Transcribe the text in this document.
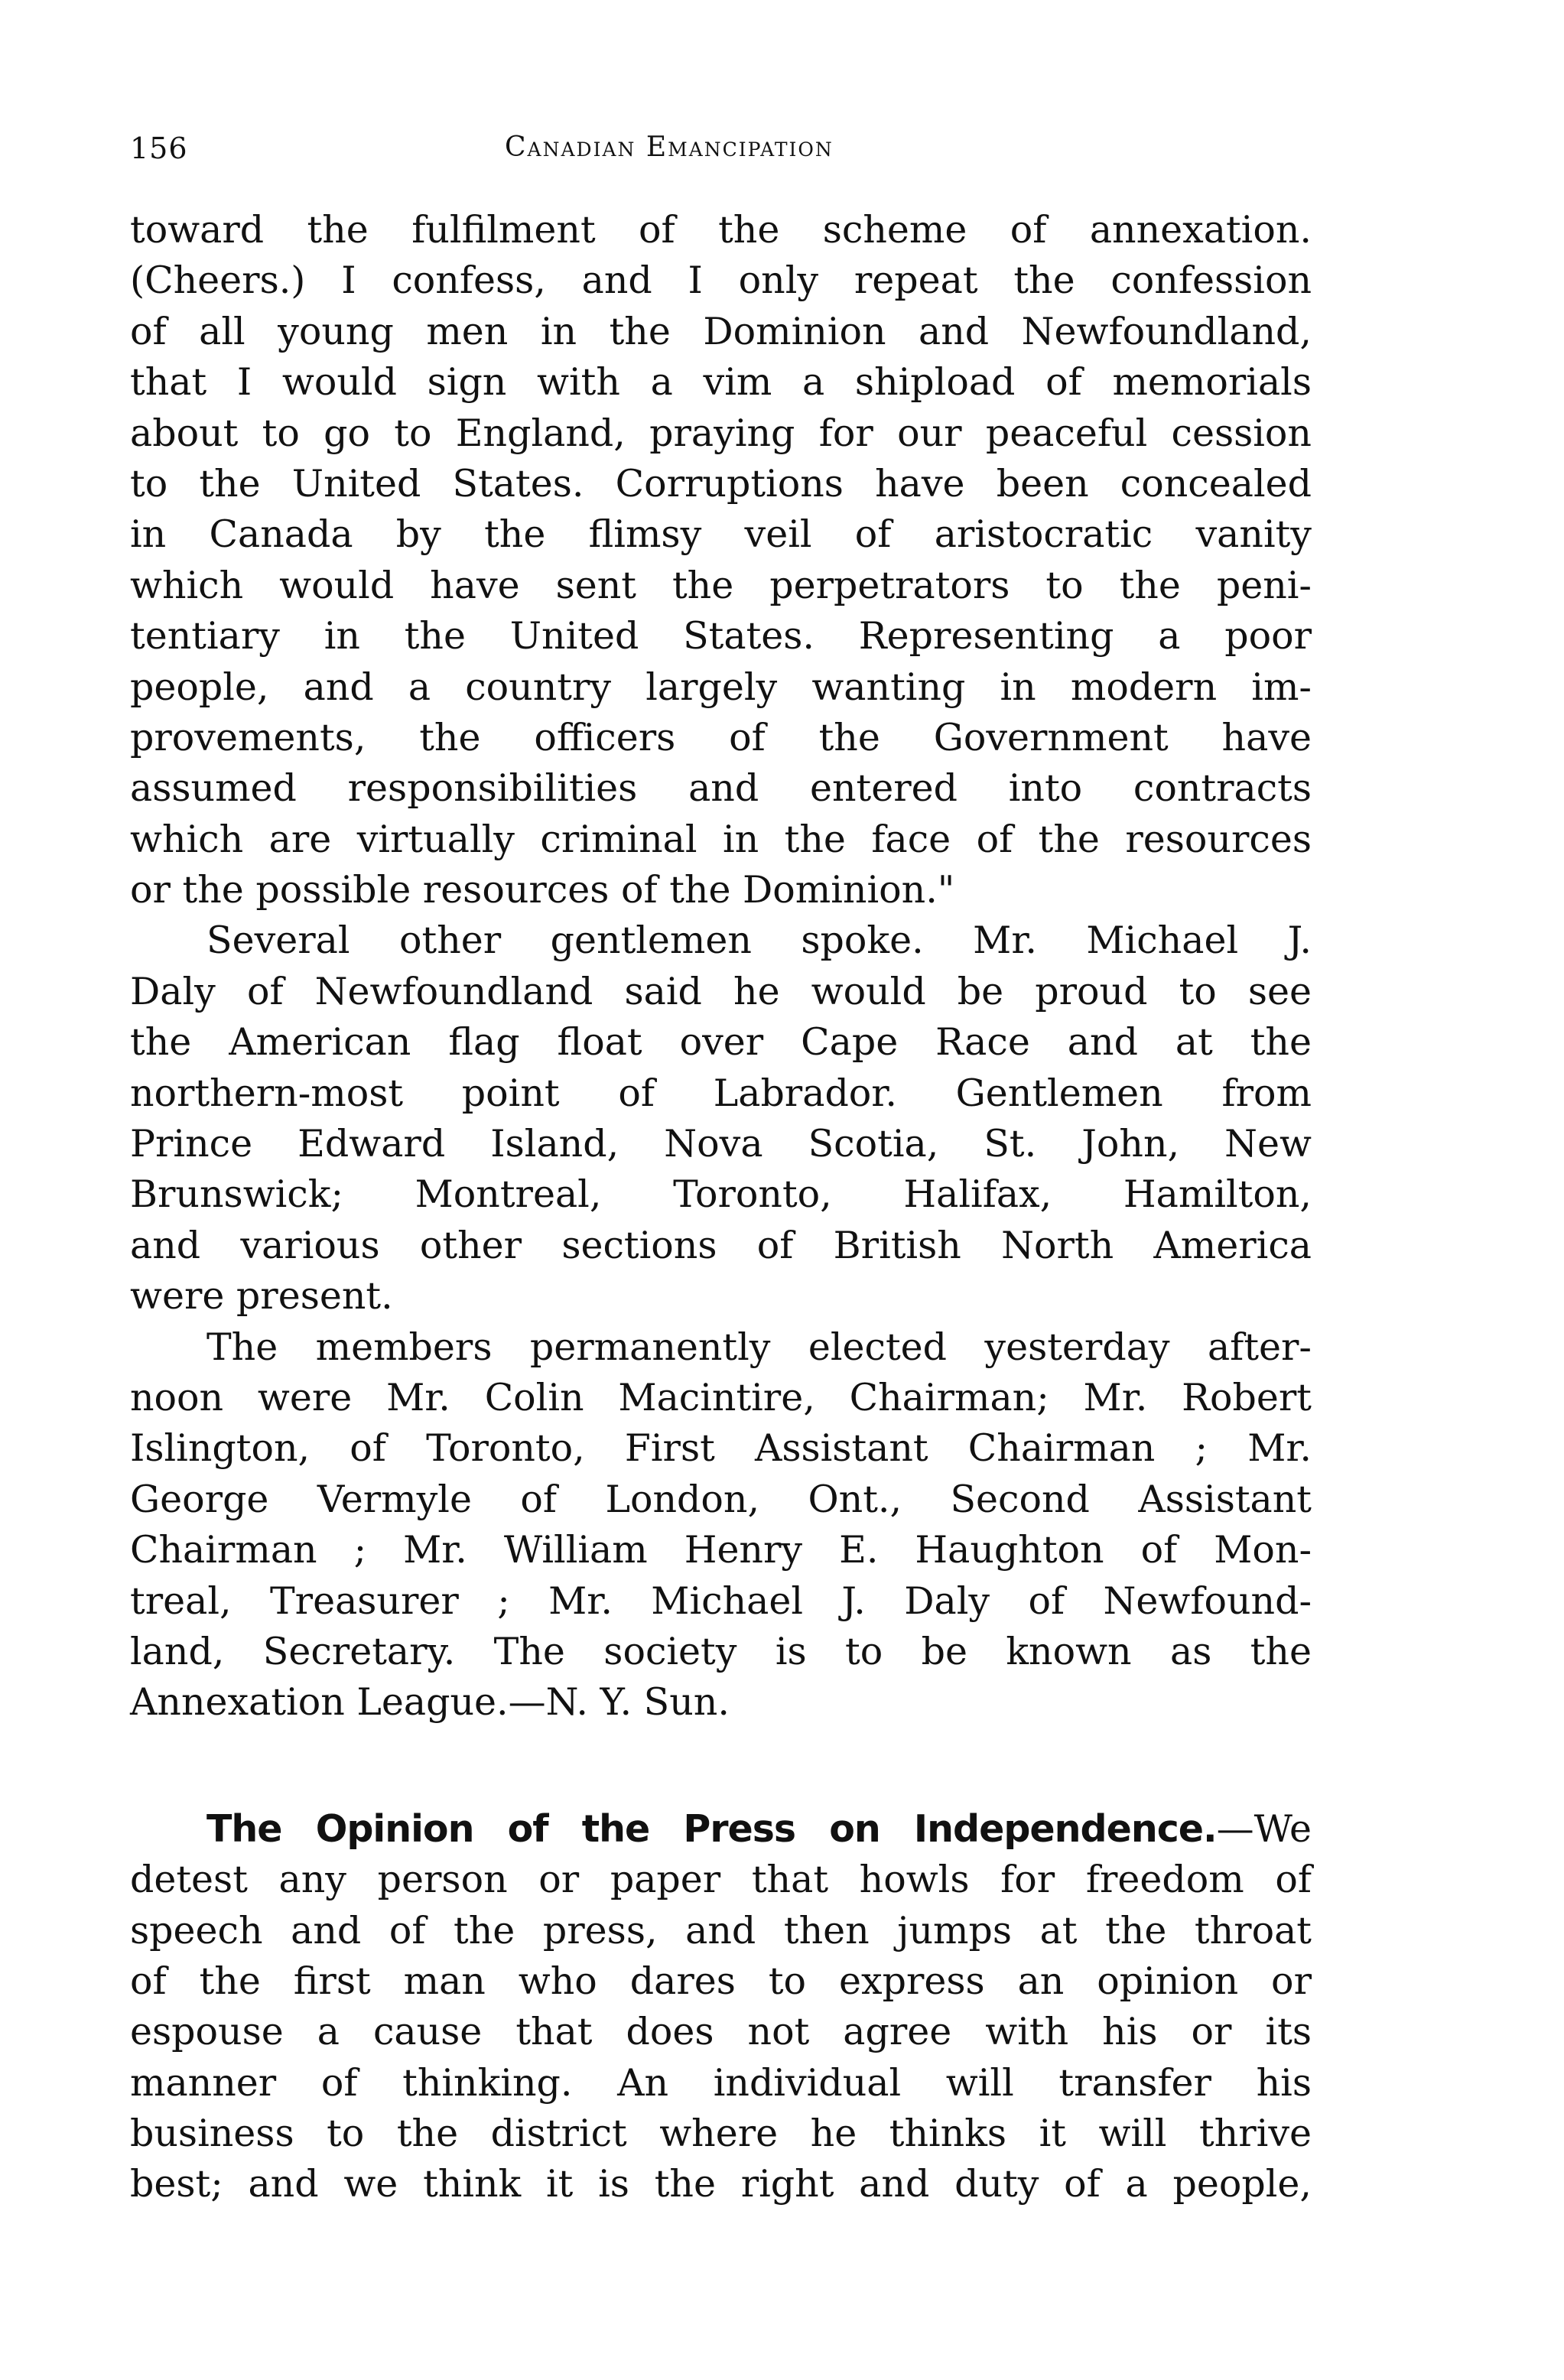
156	Canadian Emancipation
toward the fulfilment of the scheme of annexation.
(Cheers.) I confess, and I only repeat the confession
of all young men in the Dominion and Newfoundland,
that I would sign with a vim a shipload of memorials
about to go to England, praying for our peaceful cession
to the United States. Corruptions have been concealed
in Canada by the flimsy veil of aristocratic vanity
which would have sent the perpetrators to the peni-
tentiary in the United States. Representing a poor
people, and a country largely wanting in modern im-
provements, the officers of the Government have
assumed responsibilities and entered into contracts
which are virtually criminal in the face of the resources
or the possible resources of the Dominion."
Several other gentlemen spoke. Mr. Michael J.
Daly of Newfoundland said he would be proud to see
the American flag float over Cape Race and at the
northern-most point of Labrador. Gentlemen from
Prince Edward Island, Nova Scotia, St. John, New
Brunswick; Montreal, Toronto, Halifax, Hamilton,
and various other sections of British North America
were present.
The members permanently elected yesterday after-
noon were Mr. Colin Macintire, Chairman; Mr. Robert
Islington, of Toronto, First Assistant Chairman ; Mr.
George Vermyle of London, Ont., Second Assistant
Chairman ; Mr. William Henry E. Haughton of Mon-
treal, Treasurer ; Mr. Michael J. Daly of Newfound-
land, Secretary. The society is to be known as the
Annexation League.—N. Y. Sun.
The Opinion of the Press on Independence.—We
detest any person or paper that howls for freedom of
speech and of the press, and then jumps at the throat
of the first man who dares to express an opinion or
espouse a cause that does not agree with his or its
manner of thinking. An individual will transfer his
business to the district where he thinks it will thrive
best; and we think it is the right and duty of a people,
